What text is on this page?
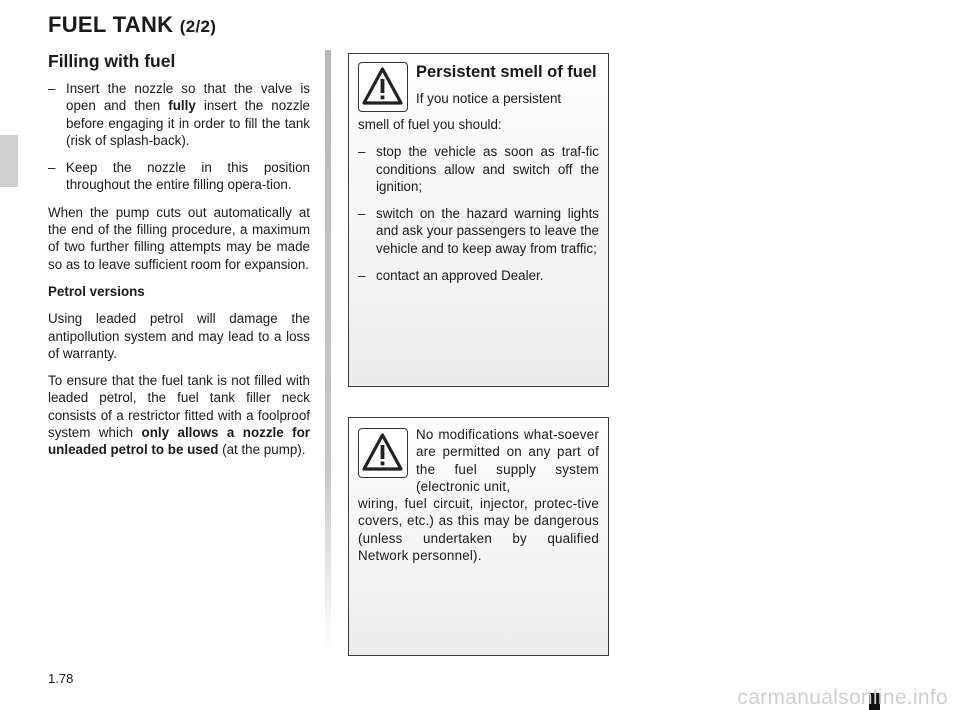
FUEL TANK (2/2)
Filling with fuel
– Insert the nozzle so that the valve is open and then fully insert the nozzle before engaging it in order to fill the tank (risk of splash-back).
– Keep the nozzle in this position throughout the entire filling opera-tion.

When the pump cuts out automatically at the end of the filling procedure, a maximum of two further filling attempts may be made so as to leave sufficient room for expansion.

Petrol versions

Using leaded petrol will damage the antipollution system and may lead to a loss of warranty.

To ensure that the fuel tank is not filled with leaded petrol, the fuel tank filler neck consists of a restrictor fitted with a foolproof system which only allows a nozzle for unleaded petrol to be used (at the pump).

Persistent smell of fuel
If you notice a persistent

smell of fuel you should:

– stop the vehicle as soon as traf-fic conditions allow and switch off the ignition;
– switch on the hazard warning lights and ask your passengers to leave the vehicle and to keep away from traffic;
– contact an approved Dealer.

No modifications what-soever are permitted on any part of the fuel supply system (electronic unit,

wiring, fuel circuit, injector, protec-tive covers, etc.) as this may be dangerous (unless undertaken by qualified Network personnel).

1.78
carmanualsonline.info
